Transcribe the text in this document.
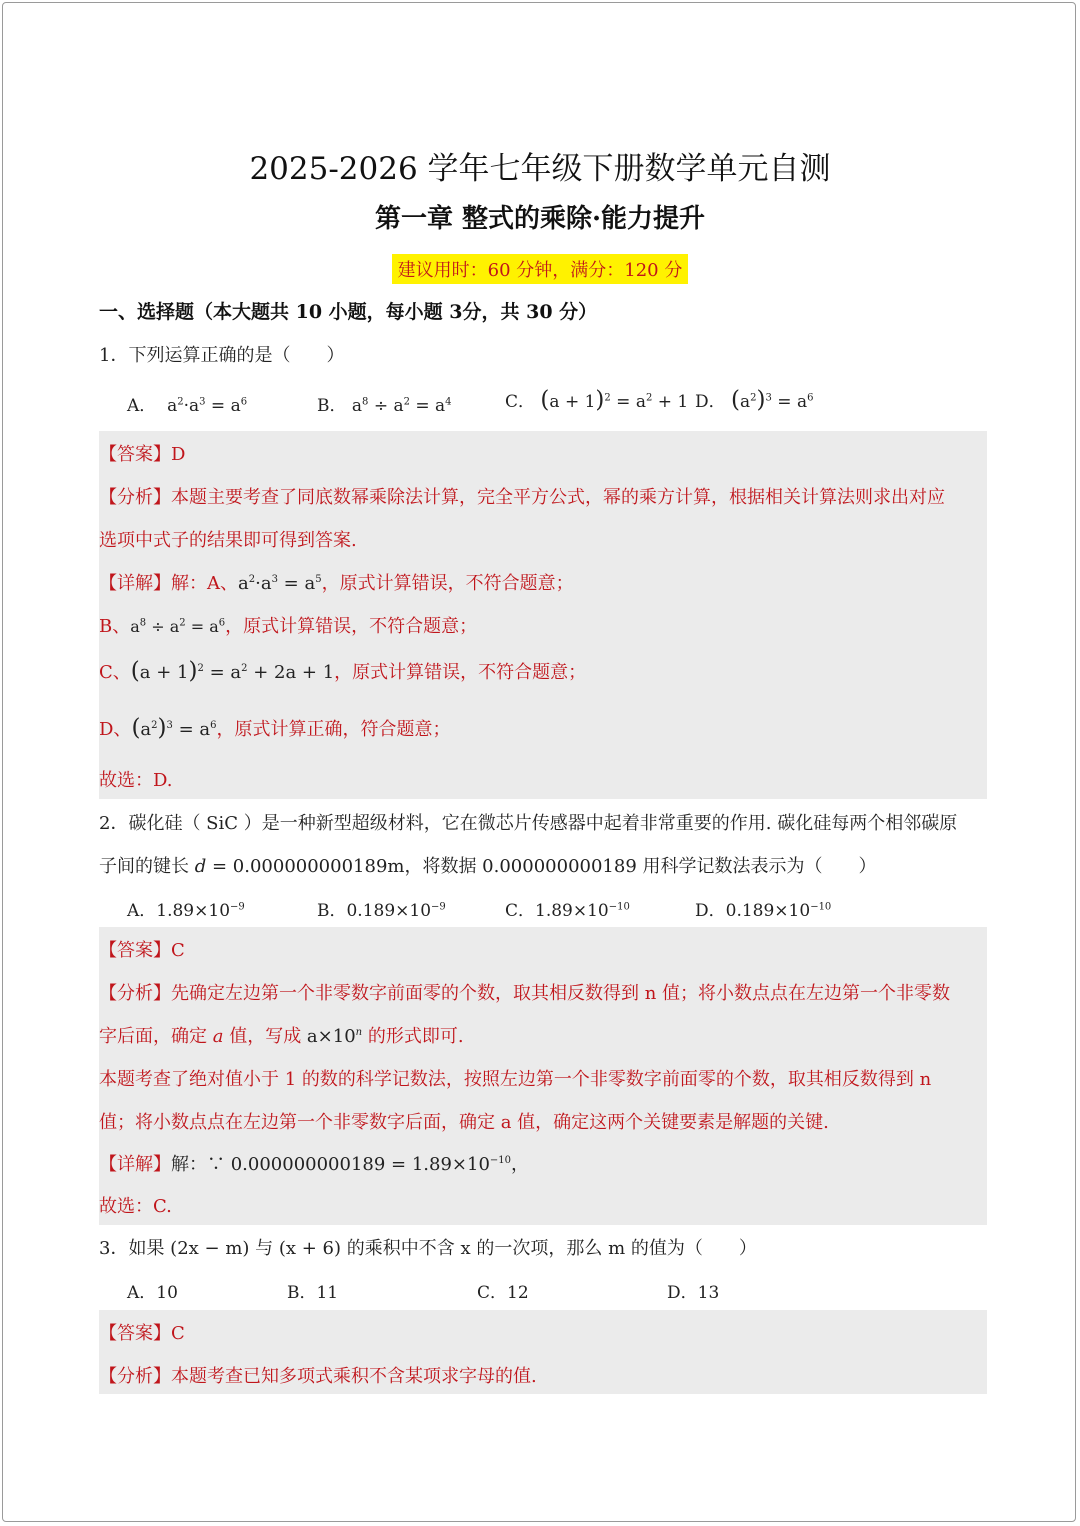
2025-2026 学年七年级下册数学单元自测
第一章 整式的乘除·能力提升
建议用时：60 分钟，满分：120 分
一、选择题（本大题共 10 小题，每小题 3分，共 30 分）
1．下列运算正确的是（　　）
A．  $a^2\cdot a^3 = a^6$	B． $a^8 \div a^2 = a^4$	C． $(a + 1)^2 = a^2 + 1$ D． $(a^2)^3 = a^6$
【答案】D
【分析】本题主要考查了同底数幂乘除法计算，完全平方公式，幂的乘方计算，根据相关计算法则求出对应
选项中式子的结果即可得到答案.
【详解】解：A、$a^2\cdot a^3 = a^5$，原式计算错误，不符合题意；
B、$a^8 \div a^2 = a^6$，原式计算错误，不符合题意；
C、$(a + 1)^2 = a^2 + 2a + 1$，原式计算错误，不符合题意；
D、$(a^2)^3 = a^6$，原式计算正确，符合题意；
故选：D.
2．碳化硅（ SiC ）是一种新型超级材料，它在微芯片传感器中起着非常重要的作用. 碳化硅每两个相邻碳原
子间的键长 d = 0.000000000189m，将数据 0.000000000189 用科学记数法表示为（　　）
A．$1.89\times 10^{-9}$	B．$0.189\times 10^{-9}$	C．$1.89\times 10^{-10}$	D．$0.189\times 10^{-10}$
【答案】C
【分析】先确定左边第一个非零数字前面零的个数，取其相反数得到 n 值；将小数点点在左边第一个非零数
字后面，确定 a 值，写成 $a\times 10^n$ 的形式即可.
本题考查了绝对值小于 1 的数的科学记数法，按照左边第一个非零数字前面零的个数，取其相反数得到 n
值；将小数点点在左边第一个非零数字后面，确定 a 值，确定这两个关键要素是解题的关键.
【详解】解：∵ $0.000000000189 = 1.89\times 10^{-10}$，
故选：C.
3．如果 (2x − m) 与 (x + 6) 的乘积中不含 x 的一次项，那么 m 的值为（　　）
A．10	B．11	C．12	D．13
【答案】C
【分析】本题考查已知多项式乘积不含某项求字母的值.
